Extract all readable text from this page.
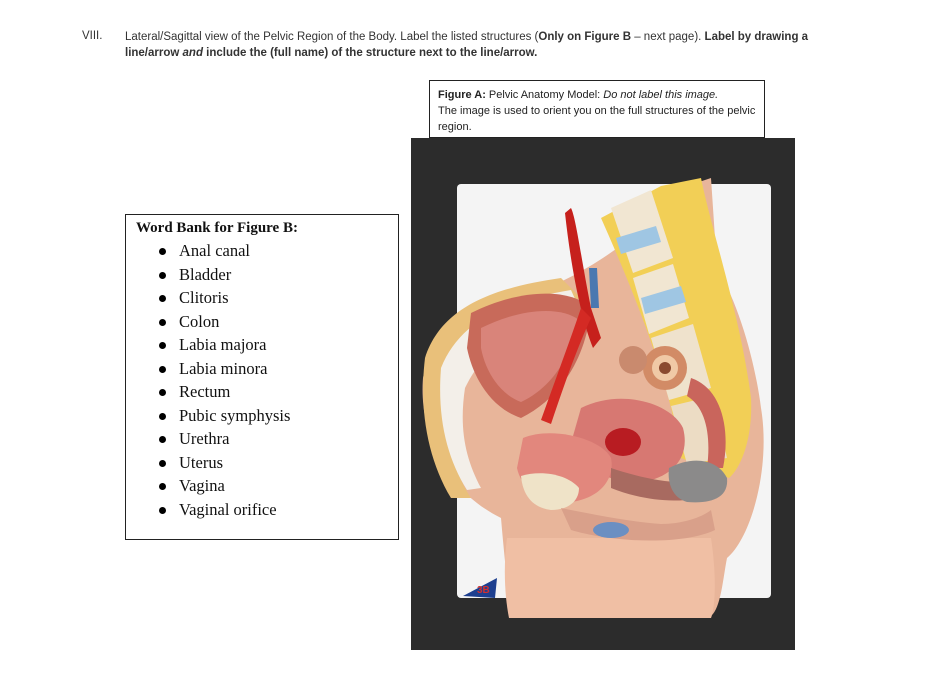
VIII. Lateral/Sagittal view of the Pelvic Region of the Body. Label the listed structures (Only on Figure B – next page). Label by drawing a
line/arrow and include the (full name) of the structure next to the line/arrow.
Figure A: Pelvic Anatomy Model: Do not label this image.
The image is used to orient you on the full structures of the pelvic region.
Word Bank for Figure B:
Anal canal
Bladder
Clitoris
Colon
Labia majora
Labia minora
Rectum
Pubic symphysis
Urethra
Uterus
Vagina
Vaginal orifice
3B
